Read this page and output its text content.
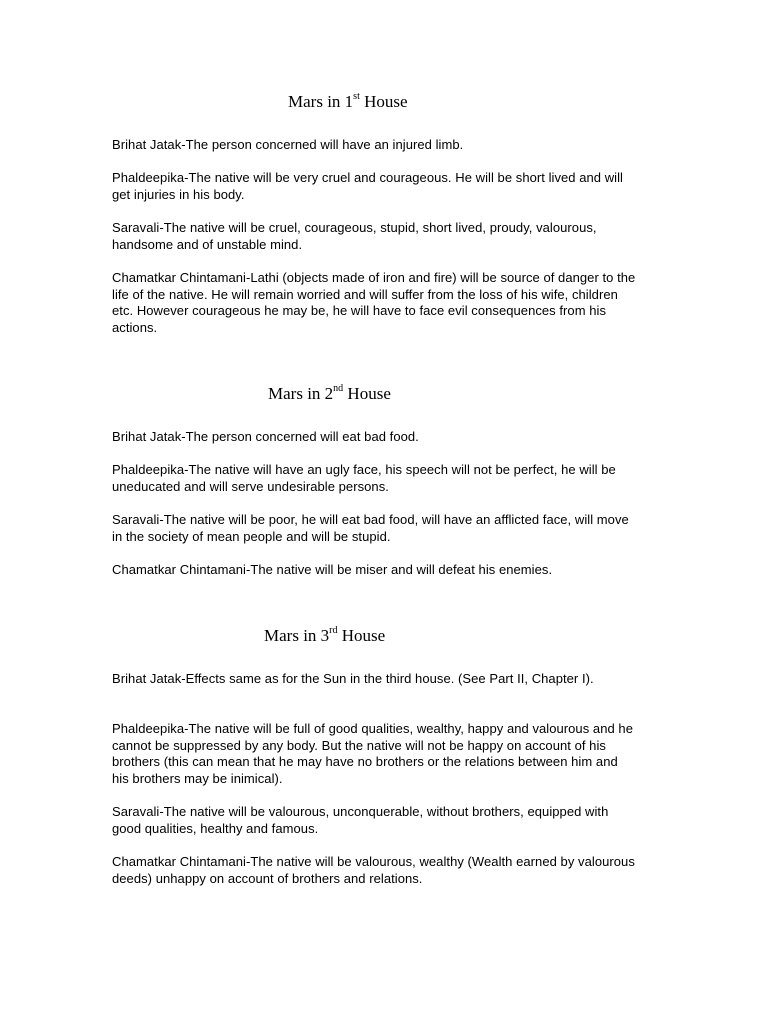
Mars in 1st House

Brihat Jatak-The person concerned will have an injured limb.

Phaldeepika-The native will be very cruel and courageous. He will be short lived and will get injuries in his body.

Saravali-The native will be cruel, courageous, stupid, short lived, proudy, valourous, handsome and of unstable mind.

Chamatkar Chintamani-Lathi (objects made of iron and fire) will be source of danger to the life of the native. He will remain worried and will suffer from the loss of his wife, children etc. However courageous he may be, he will have to face evil consequences from his actions.

Mars in 2nd House

Brihat Jatak-The person concerned will eat bad food.

Phaldeepika-The native will have an ugly face, his speech will not be perfect, he will be uneducated and will serve undesirable persons.

Saravali-The native will be poor, he will eat bad food, will have an afflicted face, will move in the society of mean people and will be stupid.

Chamatkar Chintamani-The native will be miser and will defeat his enemies.

Mars in 3rd House

Brihat Jatak-Effects same as for the Sun in the third house. (See Part II, Chapter I).

Phaldeepika-The native will be full of good qualities, wealthy, happy and valourous and he cannot be suppressed by any body. But the native will not be happy on account of his brothers (this can mean that he may have no brothers or the relations between him and his brothers may be inimical).

Saravali-The native will be valourous, unconquerable, without brothers, equipped with good qualities, healthy and famous.

Chamatkar Chintamani-The native will be valourous, wealthy (Wealth earned by valourous deeds) unhappy on account of brothers and relations.
